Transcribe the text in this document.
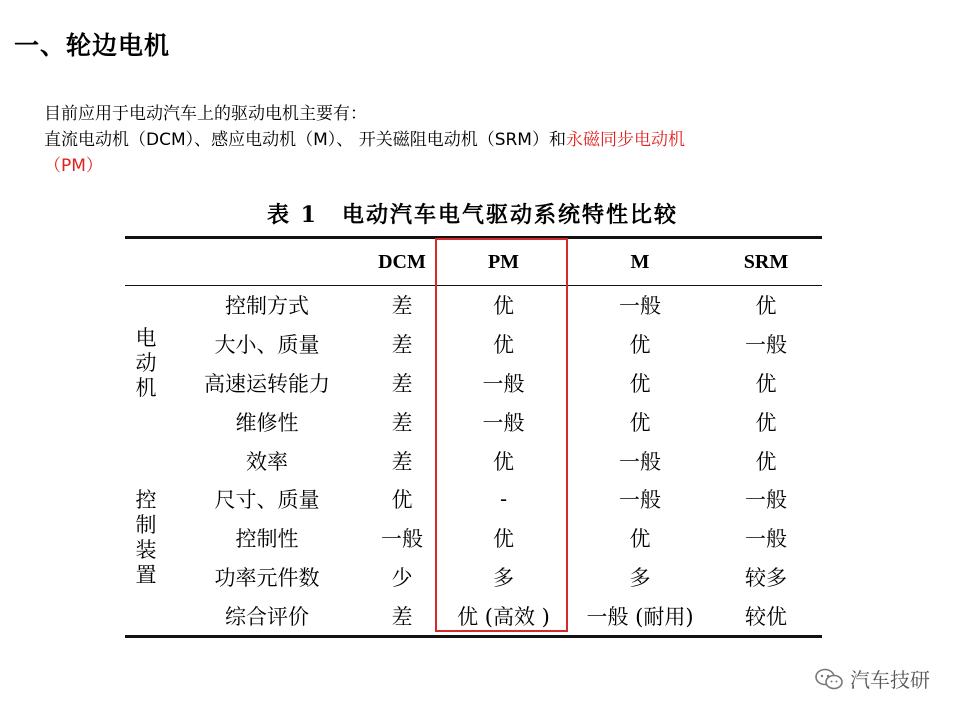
一、轮边电机
目前应用于电动汽车上的驱动电机主要有：
直流电动机（DCM）、感应电动机（M）、 开关磁阻电动机（SRM）和永磁同步电动机
（PM）
表 1　电动汽车电气驱动系统特性比较
		DCM	PM	M	SRM

电
动
机	控制方式	差	优	一般	优
	大小、质量	差	优	优	一般
	高速运转能力	差	一般	优	优
	维修性	差	一般	优	优
	效率	差	优	一般	优

控
制
装
置	尺寸、质量	优	-	一般	一般
	控制性	一般	优	优	一般
	功率元件数	少	多	多	较多
	综合评价	差	优 (高效 )	一般 (耐用)	较优
汽车技研
